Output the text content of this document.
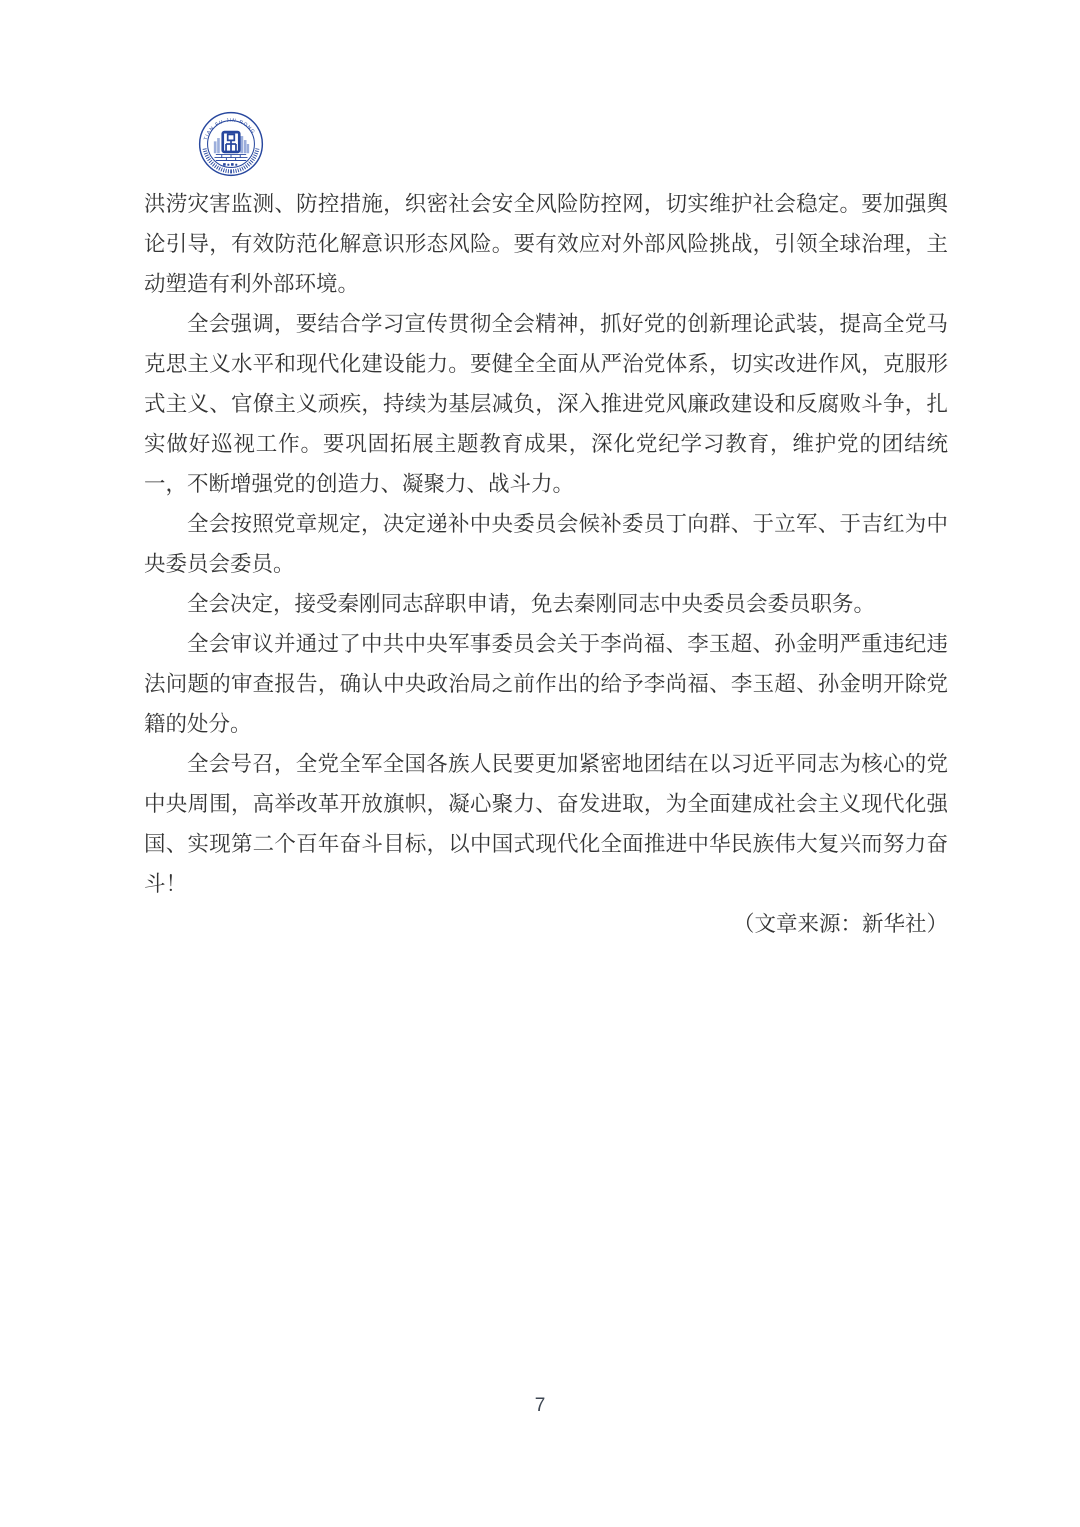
TIAN FU JIN RONG

洪涝灾害监测、防控措施，织密社会安全风险防控网，切实维护社会稳定。要加强舆论引导，有效防范化解意识形态风险。要有效应对外部风险挑战，引领全球治理，主动塑造有利外部环境。

全会强调，要结合学习宣传贯彻全会精神，抓好党的创新理论武装，提高全党马克思主义水平和现代化建设能力。要健全全面从严治党体系，切实改进作风，克服形式主义、官僚主义顽疾，持续为基层减负，深入推进党风廉政建设和反腐败斗争，扎实做好巡视工作。要巩固拓展主题教育成果，深化党纪学习教育，维护党的团结统一，不断增强党的创造力、凝聚力、战斗力。

全会按照党章规定，决定递补中央委员会候补委员丁向群、于立军、于吉红为中央委员会委员。

全会决定，接受秦刚同志辞职申请，免去秦刚同志中央委员会委员职务。

全会审议并通过了中共中央军事委员会关于李尚福、李玉超、孙金明严重违纪违法问题的审查报告，确认中央政治局之前作出的给予李尚福、李玉超、孙金明开除党籍的处分。

全会号召，全党全军全国各族人民要更加紧密地团结在以习近平同志为核心的党中央周围，高举改革开放旗帜，凝心聚力、奋发进取，为全面建成社会主义现代化强国、实现第二个百年奋斗目标，以中国式现代化全面推进中华民族伟大复兴而努力奋斗！

（文章来源：新华社）

7
